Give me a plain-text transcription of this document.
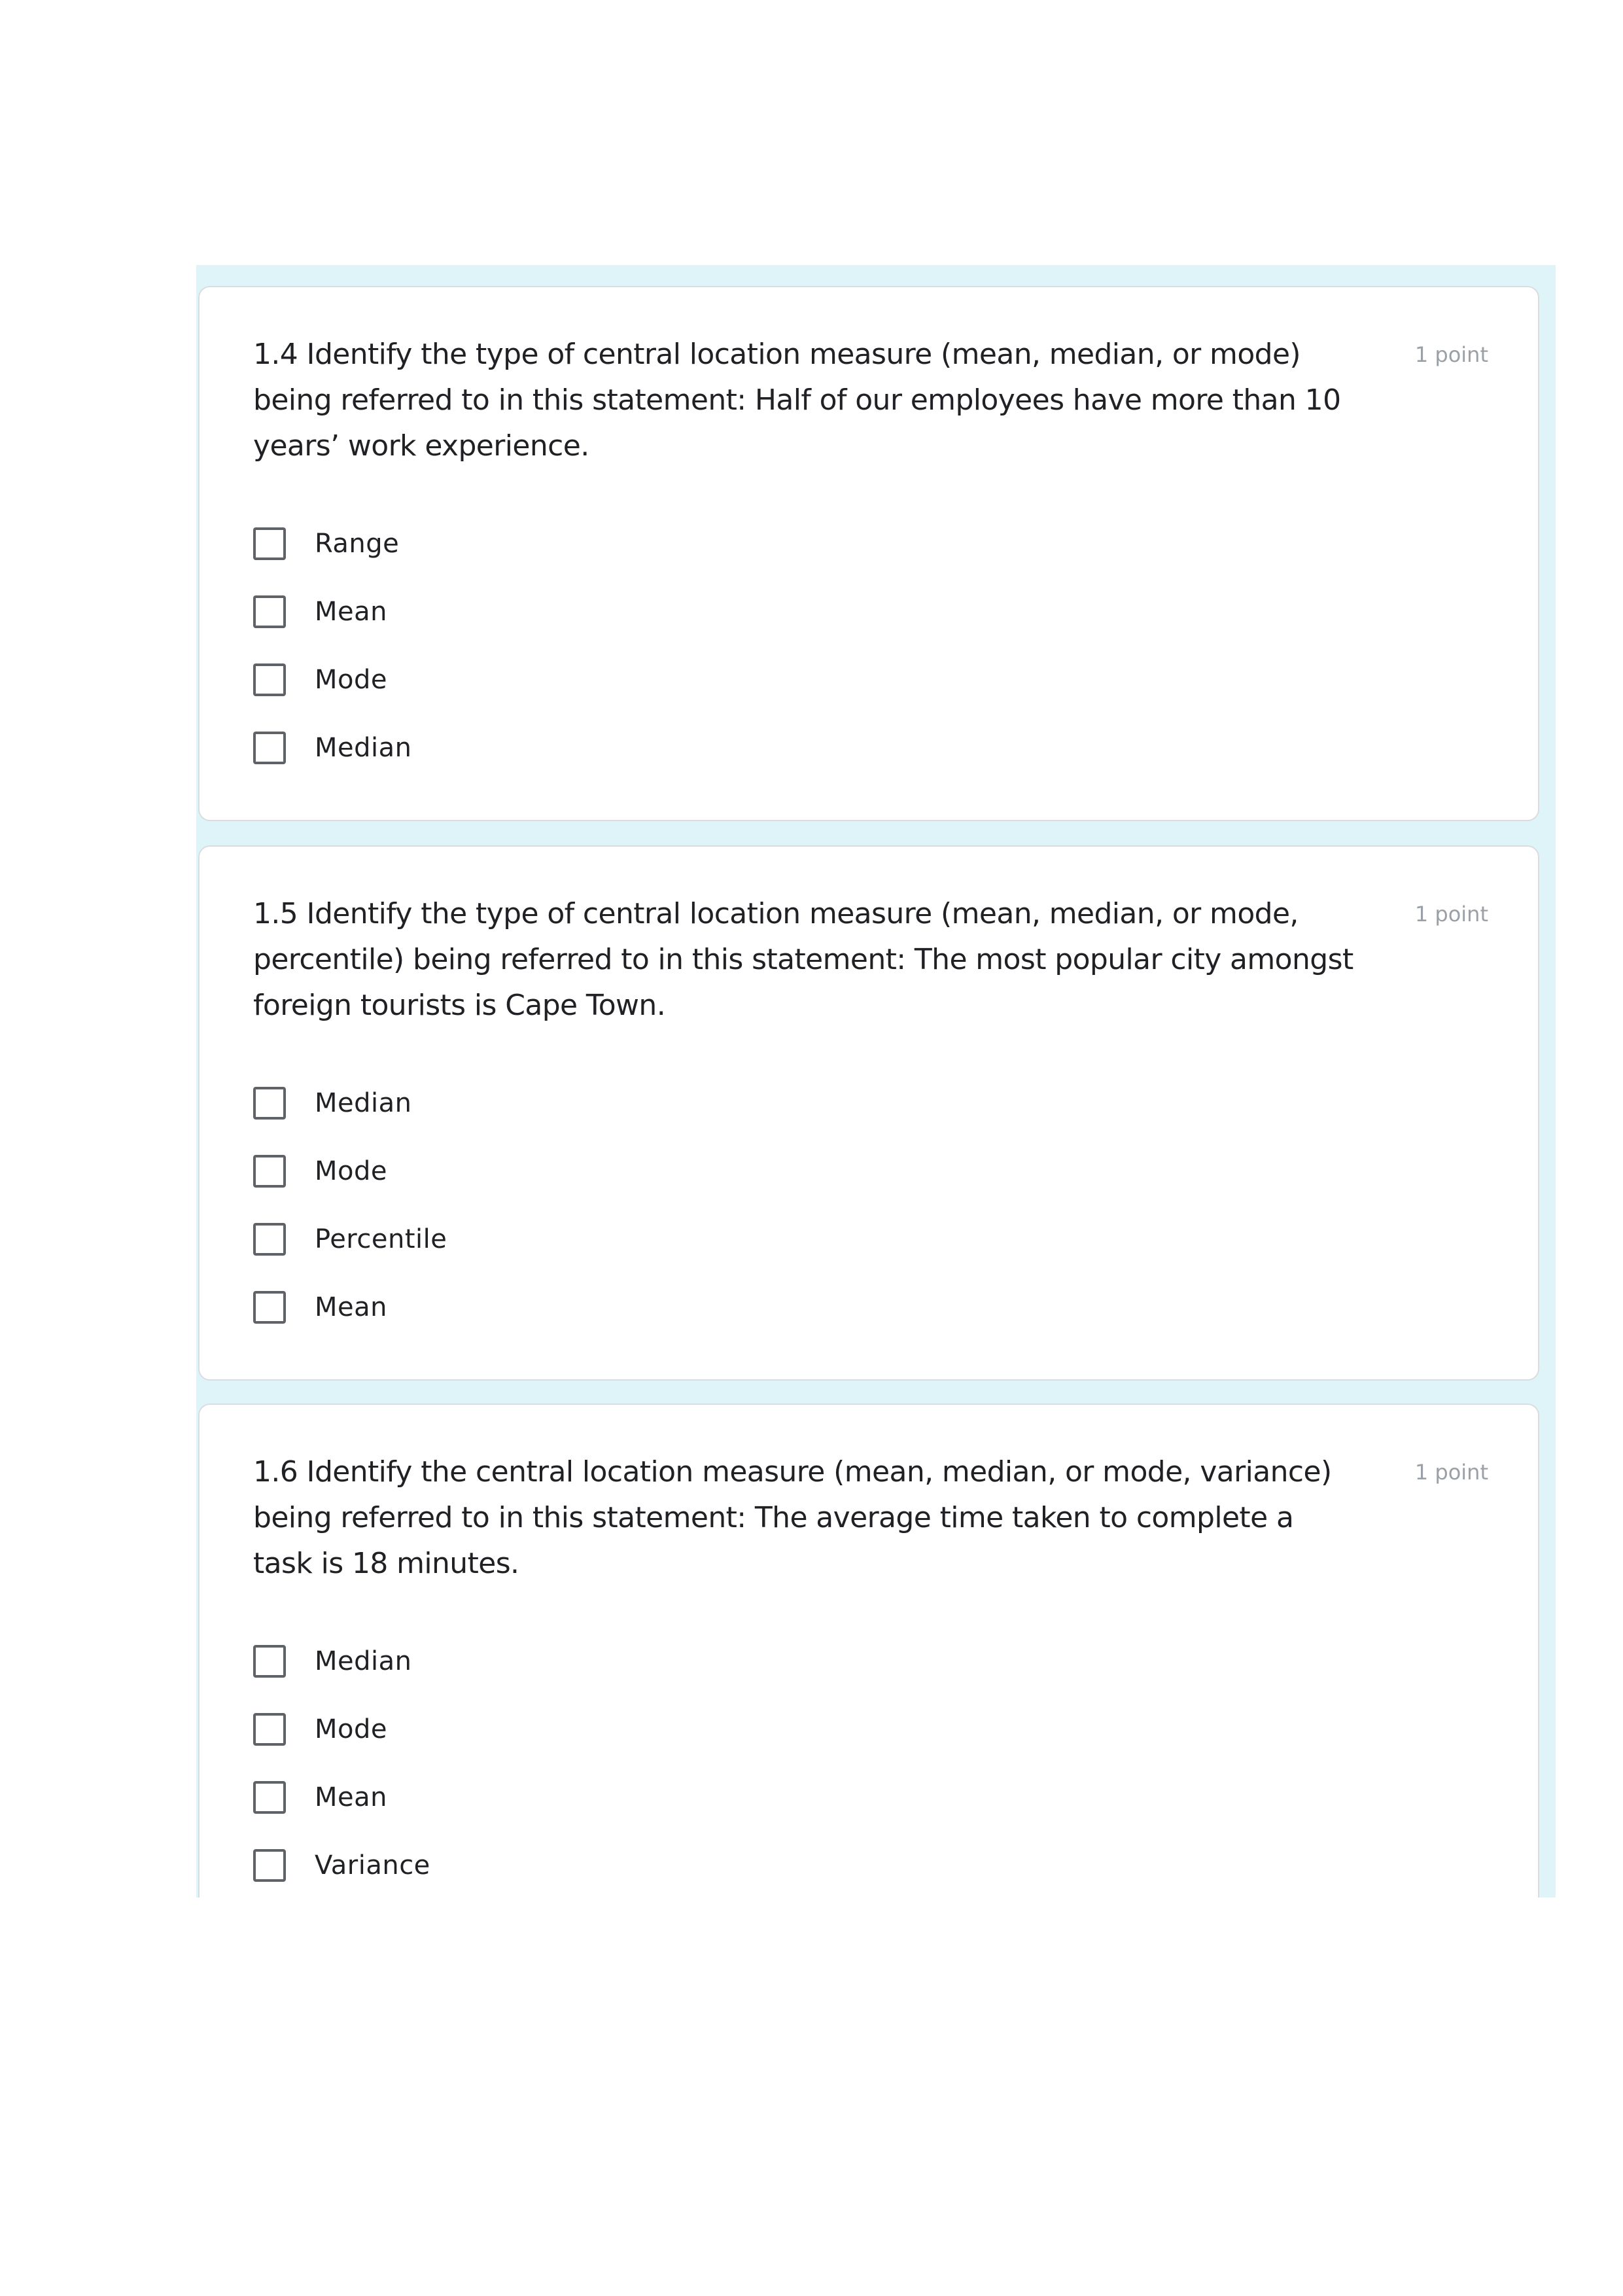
1.4 Identify the type of central location measure (mean, median, or mode) being referred to in this statement: Half of our employees have more than 10 years’ work experience.

1 point
Range
Mean
Mode
Median

1.5 Identify the type of central location measure (mean, median, or mode, percentile) being referred to in this statement: The most popular city amongst foreign tourists is Cape Town.

1 point
Median
Mode
Percentile
Mean

1.6 Identify the central location measure (mean, median, or mode, variance) being referred to in this statement: The average time taken to complete a task is 18 minutes.

1 point
Median
Mode
Mean
Variance
